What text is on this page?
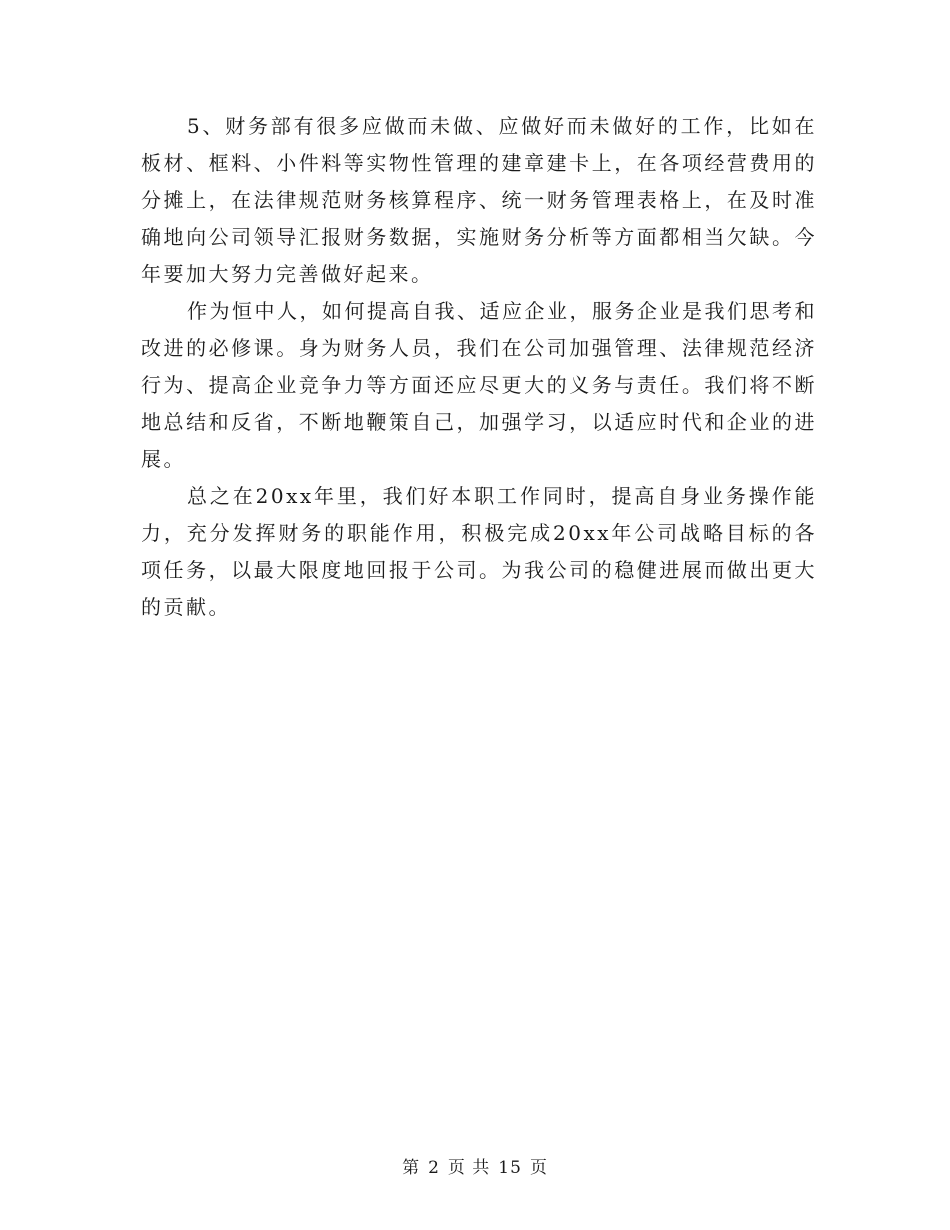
5、财务部有很多应做而未做、应做好而未做好的工作，比如在板材、框料、小件料等实物性管理的建章建卡上，在各项经营费用的分摊上，在法律规范财务核算程序、统一财务管理表格上，在及时准确地向公司领导汇报财务数据，实施财务分析等方面都相当欠缺。今年要加大努力完善做好起来。

作为恒中人，如何提高自我、适应企业，服务企业是我们思考和改进的必修课。身为财务人员，我们在公司加强管理、法律规范经济行为、提高企业竞争力等方面还应尽更大的义务与责任。我们将不断地总结和反省，不断地鞭策自己，加强学习，以适应时代和企业的进展。

总之在20xx年里，我们好本职工作同时，提高自身业务操作能力，充分发挥财务的职能作用，积极完成20xx年公司战略目标的各项任务，以最大限度地回报于公司。为我公司的稳健进展而做出更大的贡献。

第 2 页 共 15 页
